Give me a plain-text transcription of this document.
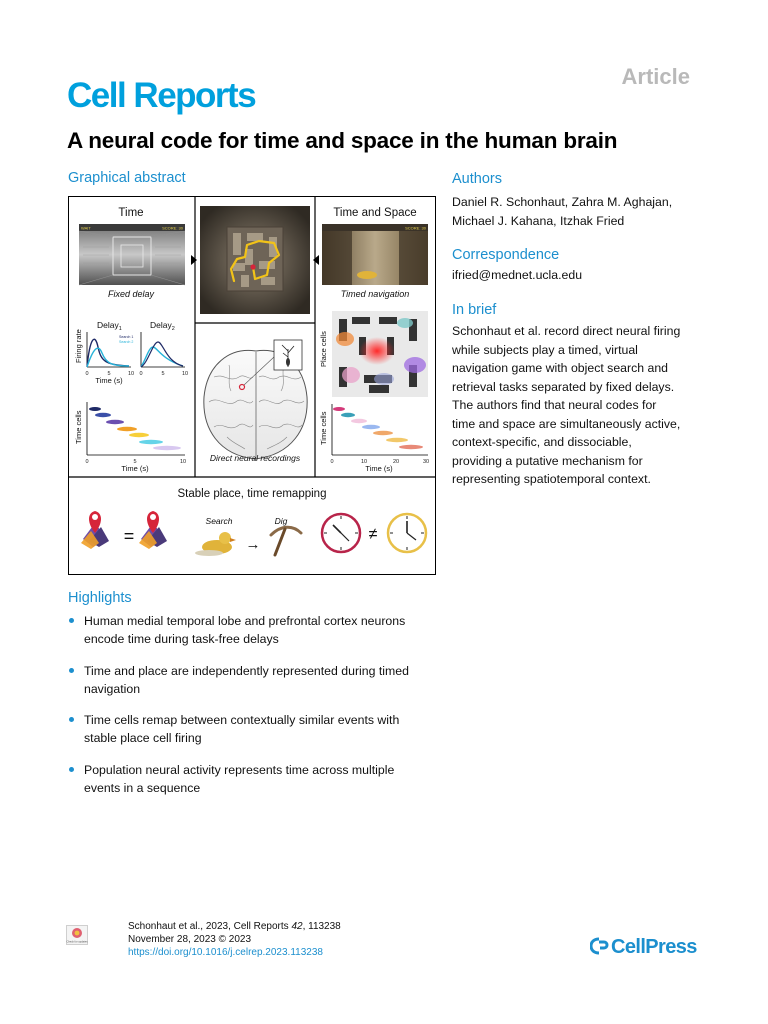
Cell Reports	Article
A neural code for time and space in the human brain
Graphical abstract
Time
WAIT	SCORE: 30
Fixed delay
Firing rate
Delay$_1$	Delay$_2$
0	5	10
Time (s)
Search 1
Search 2
0	5	10
Time cells
0	5	10
Time (s)
Time and Space
SCORE: 30
Timed navigation
Place cells
Time cells
0	10	20	30
Time (s)
Direct neural recordings
Stable place, time remapping
=
Search	Dig
→
≠
Authors
Daniel R. Schonhaut, Zahra M. Aghajan,
Michael J. Kahana, Itzhak Fried
Correspondence
ifried@mednet.ucla.edu
In brief
Schonhaut et al. record direct neural firing
while subjects play a timed, virtual
navigation game with object search and
retrieval tasks separated by fixed delays.
The authors find that neural codes for
time and space are simultaneously active,
context-specific, and dissociable,
providing a putative mechanism for
representing spatiotemporal context.
Highlights
Human medial temporal lobe and prefrontal cortex neurons
encode time during task-free delays
Time and place are independently represented during timed
navigation
Time cells remap between contextually similar events with
stable place cell firing
Population neural activity represents time across multiple
events in a sequence
Check for updates
Schonhaut et al., 2023, Cell Reports 42, 113238
November 28, 2023 © 2023
https://doi.org/10.1016/j.celrep.2023.113238	CellPress
